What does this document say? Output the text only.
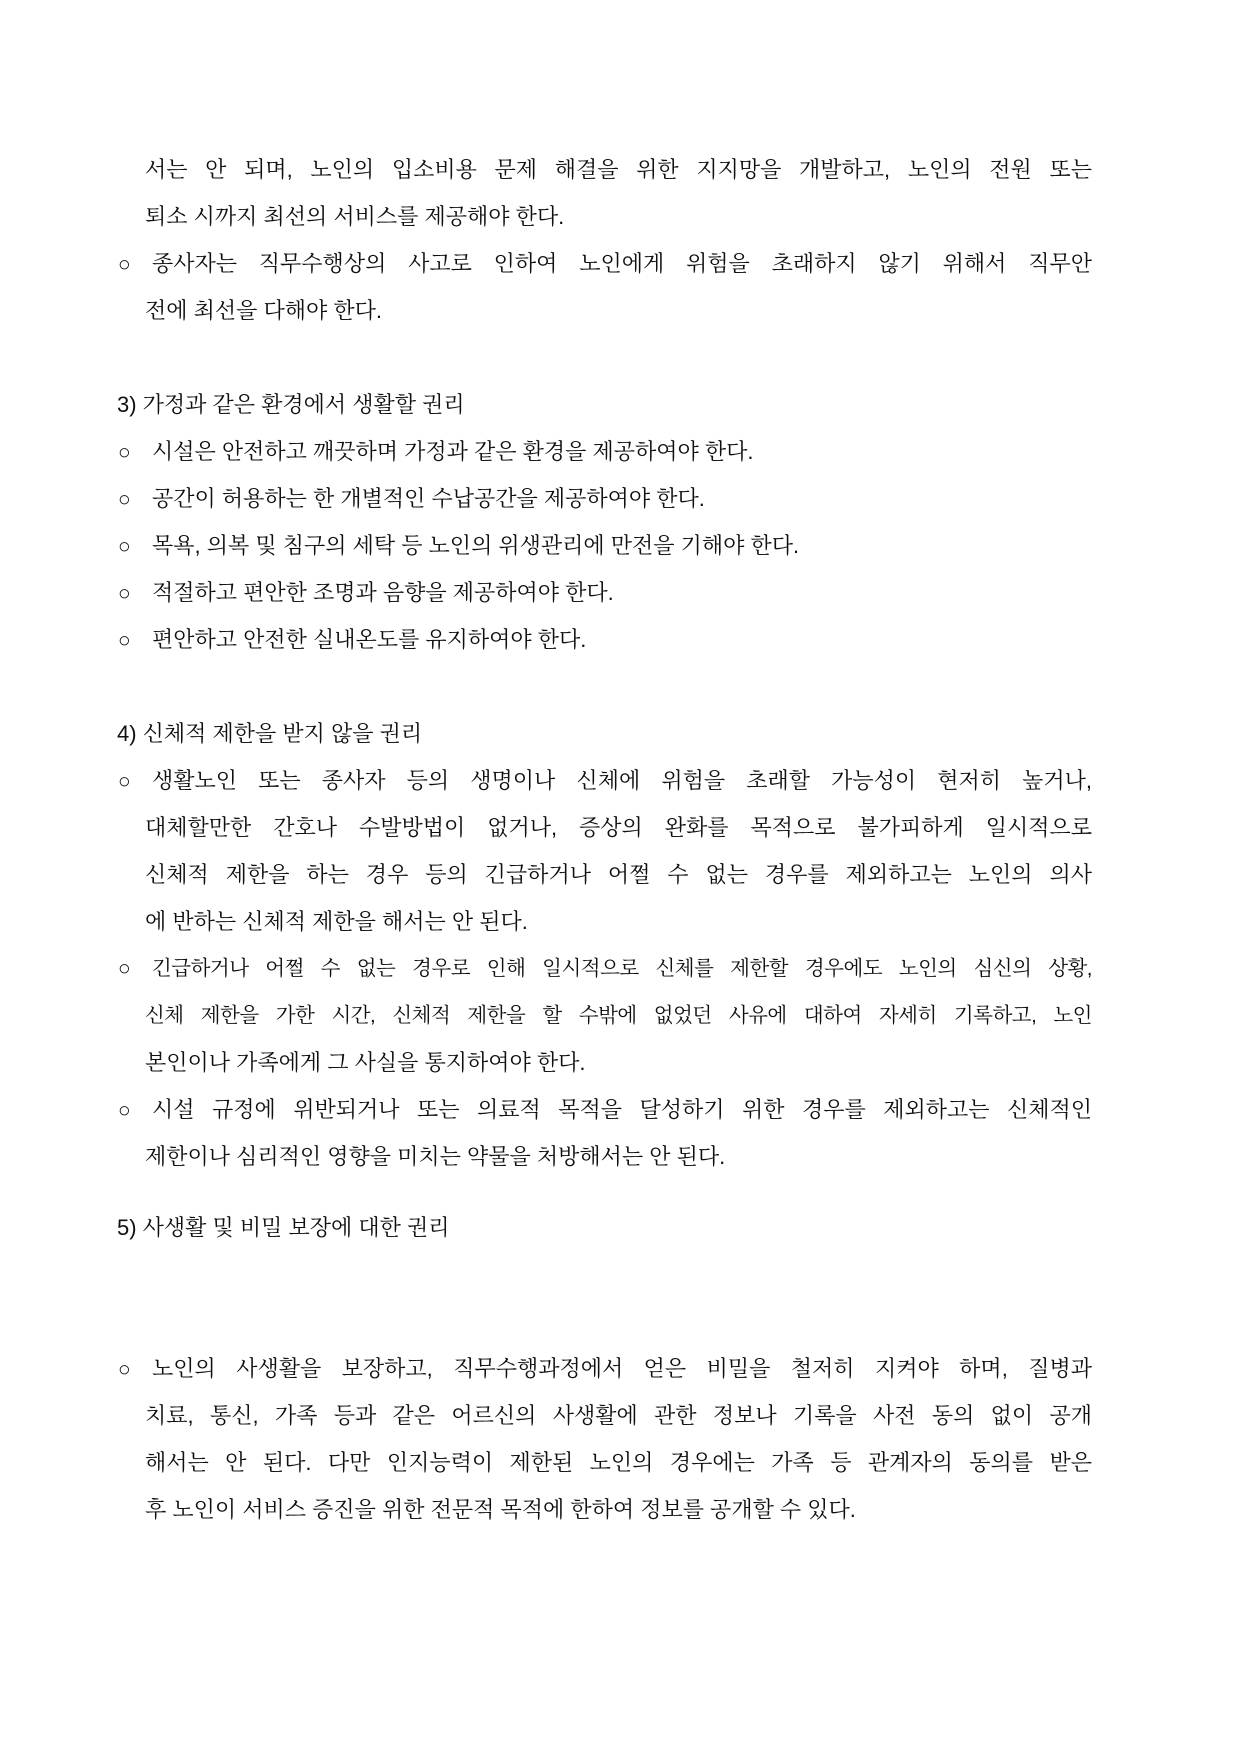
서는 안 되며, 노인의 입소비용 문제 해결을 위한 지지망을 개발하고, 노인의 전원 또는
퇴소 시까지 최선의 서비스를 제공해야 한다.
○ 종사자는 직무수행상의 사고로 인하여 노인에게 위험을 초래하지 않기 위해서 직무안
전에 최선을 다해야 한다.
3) 가정과 같은 환경에서 생활할 권리
○ 시설은 안전하고 깨끗하며 가정과 같은 환경을 제공하여야 한다.
○ 공간이 허용하는 한 개별적인 수납공간을 제공하여야 한다.
○ 목욕, 의복 및 침구의 세탁 등 노인의 위생관리에 만전을 기해야 한다.
○ 적절하고 편안한 조명과 음향을 제공하여야 한다.
○ 편안하고 안전한 실내온도를 유지하여야 한다.
4) 신체적 제한을 받지 않을 권리
○ 생활노인 또는 종사자 등의 생명이나 신체에 위험을 초래할 가능성이 현저히 높거나,
대체할만한 간호나 수발방법이 없거나, 증상의 완화를 목적으로 불가피하게 일시적으로
신체적 제한을 하는 경우 등의 긴급하거나 어쩔 수 없는 경우를 제외하고는 노인의 의사
에 반하는 신체적 제한을 해서는 안 된다.
○ 긴급하거나 어쩔 수 없는 경우로 인해 일시적으로 신체를 제한할 경우에도 노인의 심신의 상황,
신체 제한을 가한 시간, 신체적 제한을 할 수밖에 없었던 사유에 대하여 자세히 기록하고, 노인
본인이나 가족에게 그 사실을 통지하여야 한다.
○ 시설 규정에 위반되거나 또는 의료적 목적을 달성하기 위한 경우를 제외하고는 신체적인
제한이나 심리적인 영향을 미치는 약물을 처방해서는 안 된다.
5) 사생활 및 비밀 보장에 대한 권리
○ 노인의 사생활을 보장하고, 직무수행과정에서 얻은 비밀을 철저히 지켜야 하며, 질병과
치료, 통신, 가족 등과 같은 어르신의 사생활에 관한 정보나 기록을 사전 동의 없이 공개
해서는 안 된다. 다만 인지능력이 제한된 노인의 경우에는 가족 등 관계자의 동의를 받은
후 노인이 서비스 증진을 위한 전문적 목적에 한하여 정보를 공개할 수 있다.
